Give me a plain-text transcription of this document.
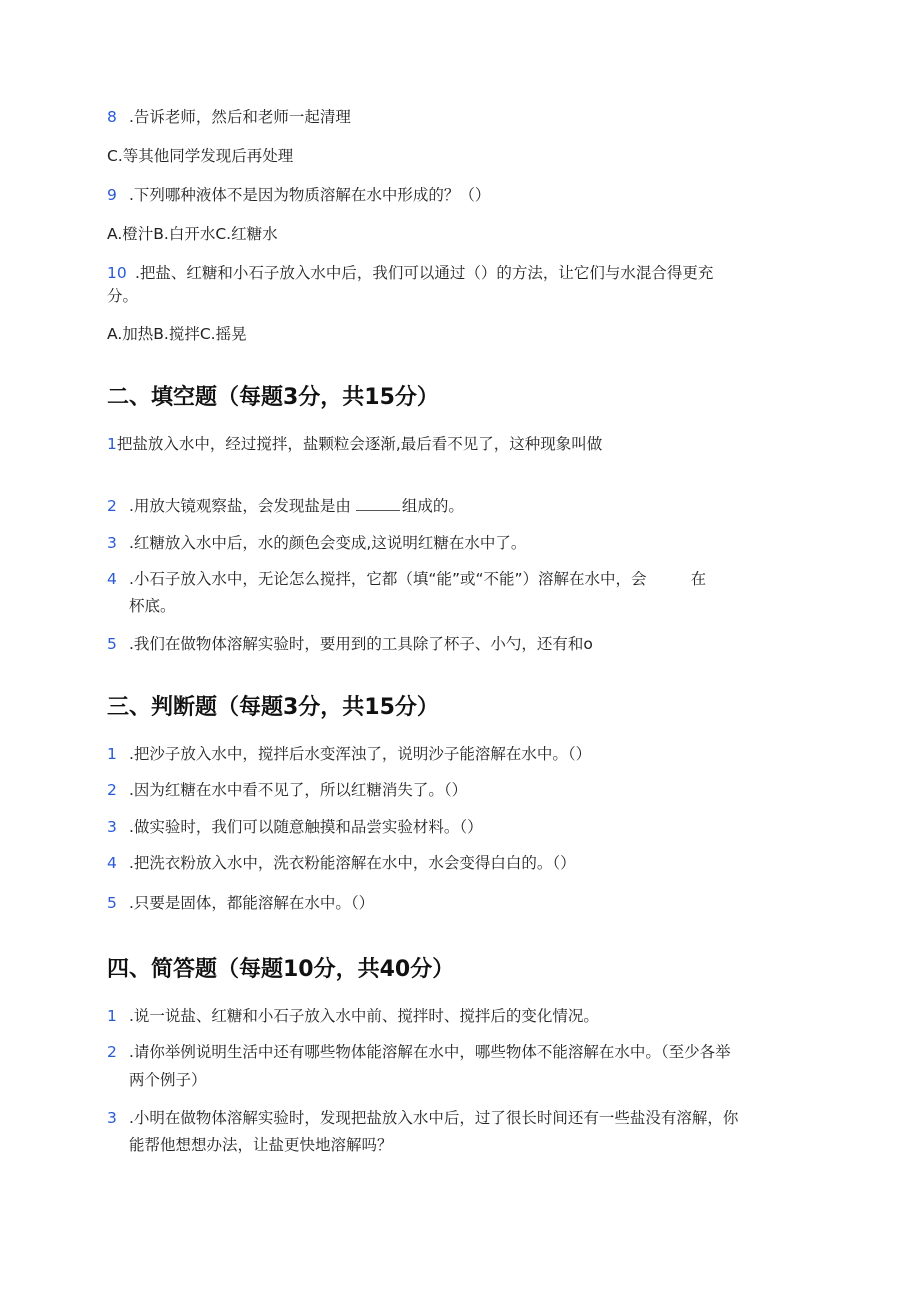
8 .告诉老师，然后和老师一起清理
C.等其他同学发现后再处理
9 .下列哪种液体不是因为物质溶解在水中形成的？（）
A.橙汁B.白开水C.红糖水
10 .把盐、红糖和小石子放入水中后，我们可以通过（）的方法，让它们与水混合得更充
分。
A.加热B.搅拌C.摇晃
二、填空题（每题3分，共15分）
1把盐放入水中，经过搅拌，盐颗粒会逐渐,最后看不见了，这种现象叫做
2 .用放大镜观察盐，会发现盐是由	组成的。
3 .红糖放入水中后，水的颜色会变成,这说明红糖在水中了。
4 .小石子放入水中，无论怎么搅拌，它都（填“能”或“不能”）溶解在水中，会	在
杯底。
5 .我们在做物体溶解实验时，要用到的工具除了杯子、小勺，还有和o
三、判断题（每题3分，共15分）
1 .把沙子放入水中，搅拌后水变浑浊了，说明沙子能溶解在水中。（）
2 .因为红糖在水中看不见了，所以红糖消失了。（）
3 .做实验时，我们可以随意触摸和品尝实验材料。（）
4 .把洗衣粉放入水中，洗衣粉能溶解在水中，水会变得白白的。（）
5 .只要是固体，都能溶解在水中。（）
四、简答题（每题10分，共40分）
1 .说一说盐、红糖和小石子放入水中前、搅拌时、搅拌后的变化情况。
2 .请你举例说明生活中还有哪些物体能溶解在水中，哪些物体不能溶解在水中。（至少各举
两个例子）
3 .小明在做物体溶解实验时，发现把盐放入水中后，过了很长时间还有一些盐没有溶解，你
能帮他想想办法，让盐更快地溶解吗？
